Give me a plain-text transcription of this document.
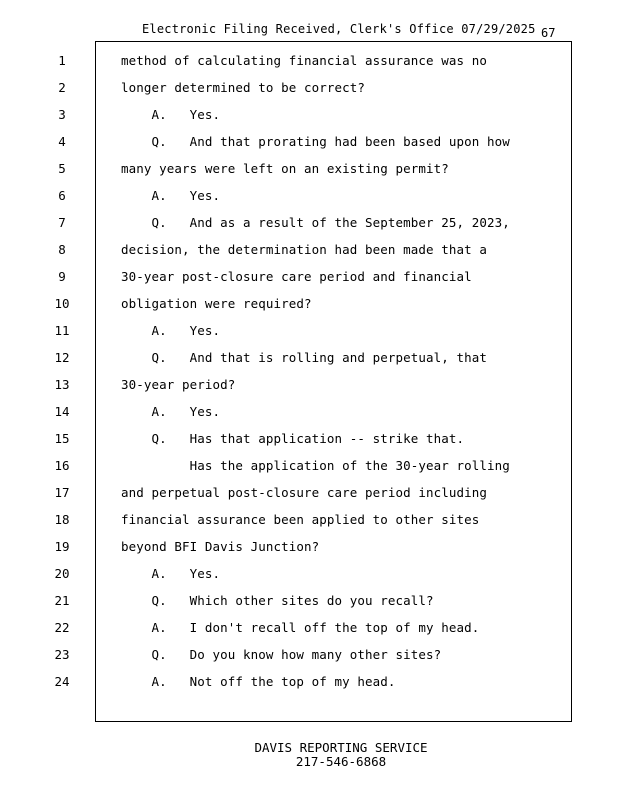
Electronic Filing Received, Clerk's Office 07/29/2025 67
1	method of calculating financial assurance was no
2	longer determined to be correct?
3	A.   Yes.
4	Q.   And that prorating had been based upon how
5	many years were left on an existing permit?
6	A.   Yes.
7	Q.   And as a result of the September 25, 2023,
8	decision, the determination had been made that a
9	30-year post-closure care period and financial
10	obligation were required?
11	A.   Yes.
12	Q.   And that is rolling and perpetual, that
13	30-year period?
14	A.   Yes.
15	Q.   Has that application -- strike that.
16	Has the application of the 30-year rolling
17	and perpetual post-closure care period including
18	financial assurance been applied to other sites
19	beyond BFI Davis Junction?
20	A.   Yes.
21	Q.   Which other sites do you recall?
22	A.   I don't recall off the top of my head.
23	Q.   Do you know how many other sites?
24	A.   Not off the top of my head.
DAVIS REPORTING SERVICE
217-546-6868
